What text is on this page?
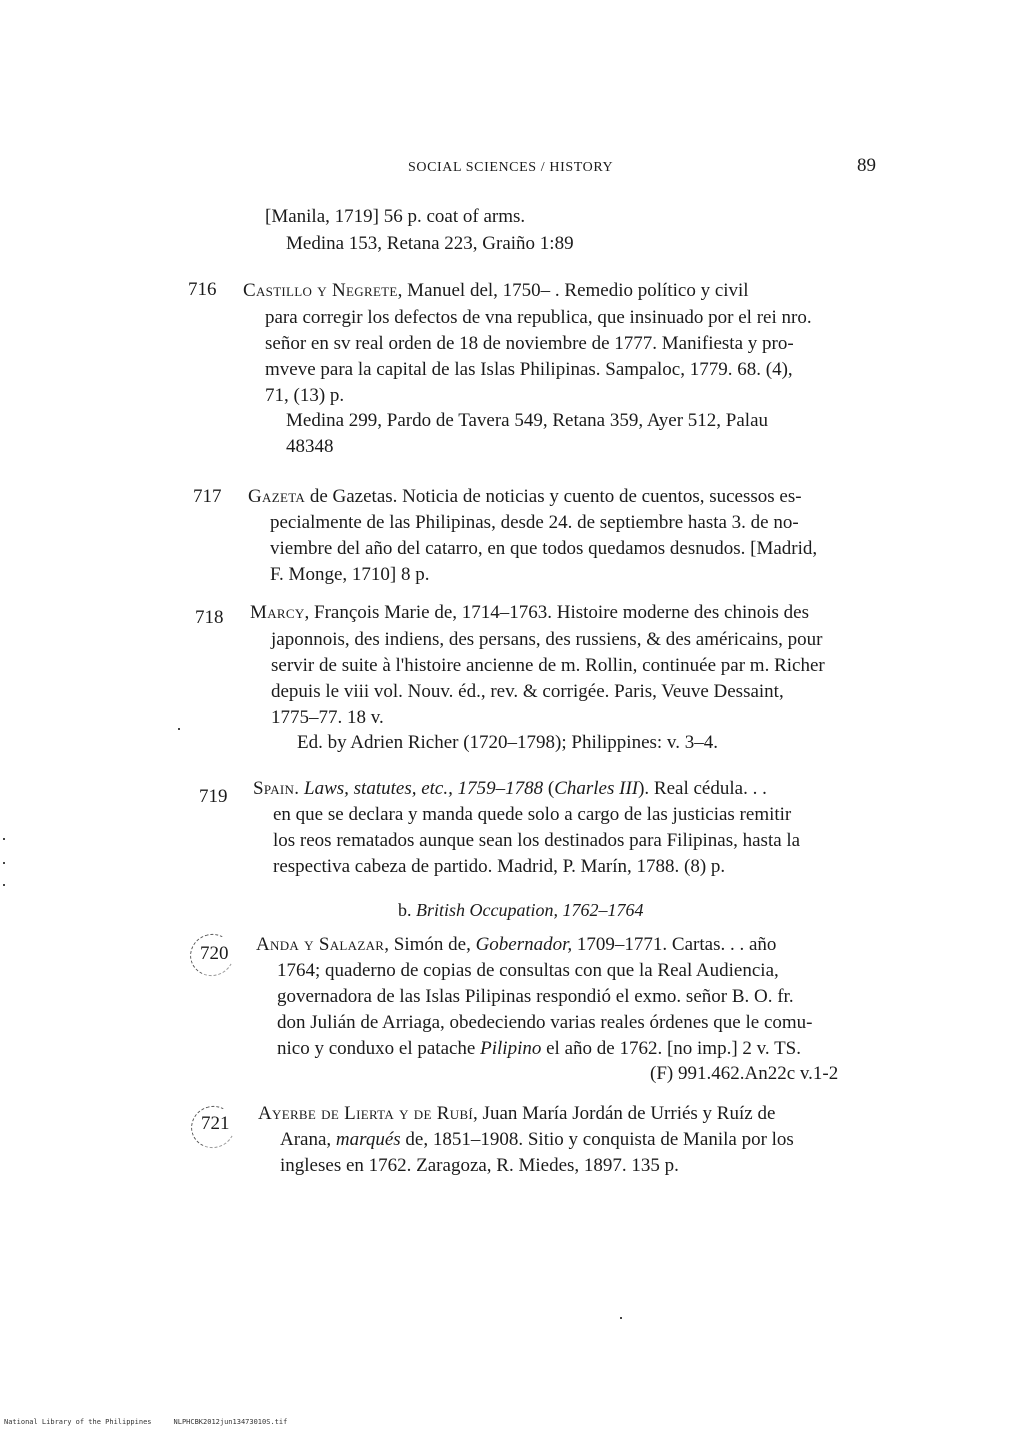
SOCIAL SCIENCES / HISTORY	89
[Manila, 1719] 56 p. coat of arms.
Medina 153, Retana 223, Graiño 1:89
716 Castillo y Negrete, Manuel del, 1750– . Remedio político y civil
para corregir los defectos de vna republica, que insinuado por el rei nro.
señor en sv real orden de 18 de noviembre de 1777. Manifiesta y pro-
mveve para la capital de las Islas Philipinas. Sampaloc, 1779. 68. (4),
71, (13) p.
Medina 299, Pardo de Tavera 549, Retana 359, Ayer 512, Palau
48348
717 Gazeta de Gazetas. Noticia de noticias y cuento de cuentos, sucessos es-
pecialmente de las Philipinas, desde 24. de septiembre hasta 3. de no-
viembre del año del catarro, en que todos quedamos desnudos. [Madrid,
F. Monge, 1710] 8 p.
718 Marcy, François Marie de, 1714–1763. Histoire moderne des chinois des
japonnois, des indiens, des persans, des russiens, & des américains, pour
servir de suite à l'histoire ancienne de m. Rollin, continuée par m. Richer
depuis le viii vol. Nouv. éd., rev. & corrigée. Paris, Veuve Dessaint,
1775–77. 18 v.
Ed. by Adrien Richer (1720–1798); Philippines: v. 3–4.
719 Spain. Laws, statutes, etc., 1759–1788 (Charles III). Real cédula. . .
en que se declara y manda quede solo a cargo de las justicias remitir
los reos rematados aunque sean los destinados para Filipinas, hasta la
respectiva cabeza de partido. Madrid, P. Marín, 1788. (8) p.
b. British Occupation, 1762–1764
720 Anda y Salazar, Simón de, Gobernador, 1709–1771. Cartas. . . año
1764; quaderno de copias de consultas con que la Real Audiencia,
governadora de las Islas Pilipinas respondió el exmo. señor B. O. fr.
don Julián de Arriaga, obedeciendo varias reales órdenes que le comu-
nico y conduxo el patache Pilipino el año de 1762. [no imp.] 2 v. TS.
(F) 991.462.An22c v.1-2
721 Ayerbe de Lierta y de Rubí, Juan María Jordán de Urriés y Ruíz de
Arana, marqués de, 1851–1908. Sitio y conquista de Manila por los
ingleses en 1762. Zaragoza, R. Miedes, 1897. 135 p.
National Library of the Philippines	NLPHCBK2012jun13473010S.tif
